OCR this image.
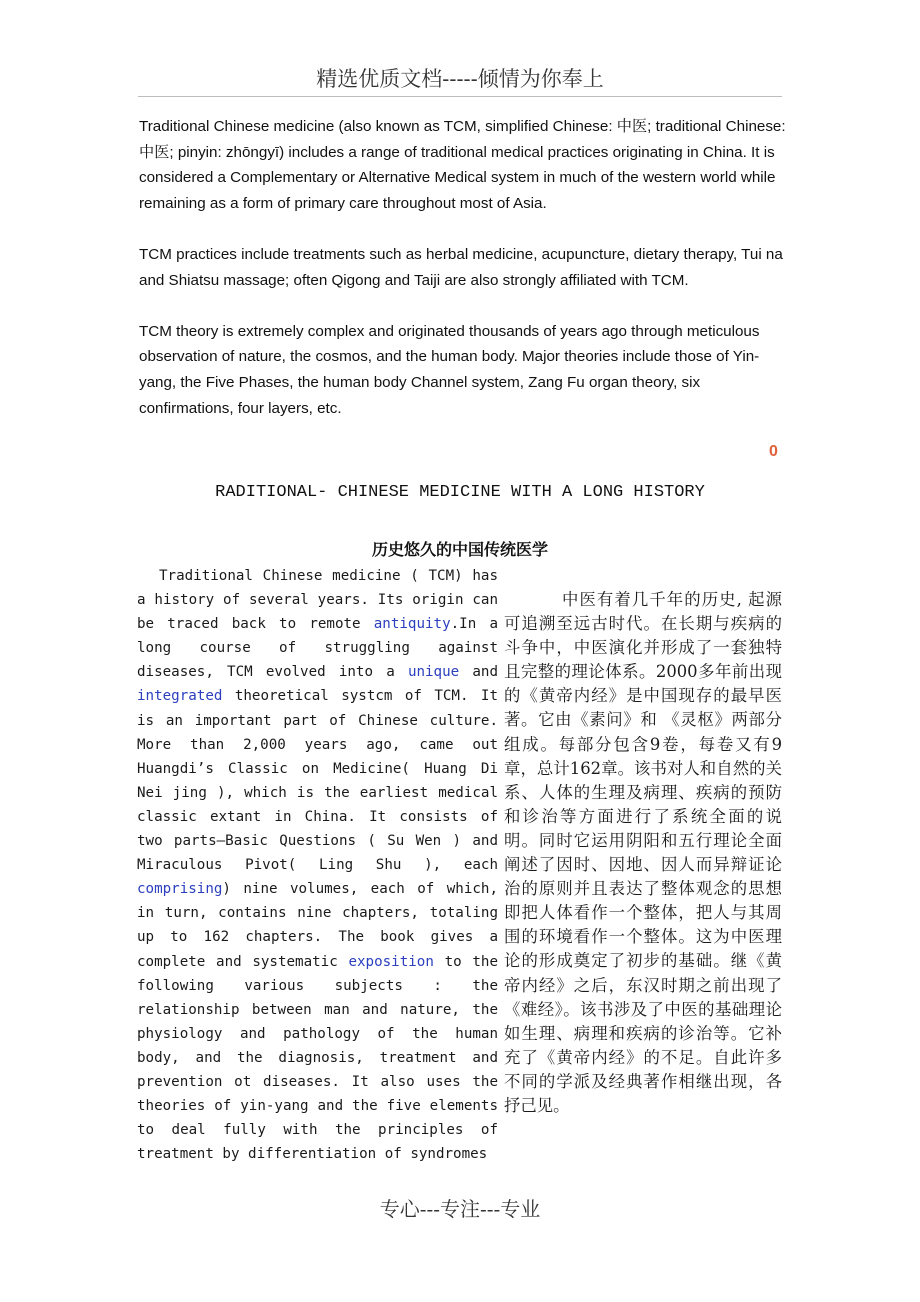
精选优质文档-----倾情为你奉上

Traditional Chinese medicine (also known as TCM, simplified Chinese: 中医; traditional Chinese: 中医; pinyin: zhōngyī) includes a range of traditional medical practices originating in China. It is considered a Complementary or Alternative Medical system in much of the western world while remaining as a form of primary care throughout most of Asia.

TCM practices include treatments such as herbal medicine, acupuncture, dietary therapy, Tui na and Shiatsu massage; often Qigong and Taiji are also strongly affiliated with TCM.

TCM theory is extremely complex and originated thousands of years ago through meticulous observation of nature, the cosmos, and the human body. Major theories include those of Yin-yang, the Five Phases, the human body Channel system, Zang Fu organ theory, six confirmations, four layers, etc.

0
RADITIONAL- CHINESE MEDICINE WITH A LONG HISTORY
历史悠久的中国传统医学
Traditional Chinese medicine ( TCM) has a history of several years. Its origin can be traced back to remote antiquity.In a long course of struggling against diseases, TCM evolved into a unique and integrated theoretical systcm of TCM. It is an important part of Chinese culture. More than 2,000 years ago, came out Huangdi’s Classic on Medicine( Huang Di Nei jing ), which is the earliest medical classic extant in China. It consists of two parts—Basic Questions ( Su Wen ) and Miraculous Pivot( Ling Shu ), each comprising) nine volumes, each of which, in turn, contains nine chapters, totaling up to 162 chapters. The book gives a complete and systematic exposition to the following various subjects : the relationship between man and nature, the physiology and pathology of the human body, and the diagnosis, treatment and prevention ot diseases. It also uses the theories of yin-yang and the five elements to deal fully with the principles of treatment by differentiation of syndromes
中医有着几千年的历史, 起源可追溯至远古时代。在长期与疾病的斗争中，中医演化并形成了一套独特且完整的理论体系。2000多年前出现的《黄帝内经》是中国现存的最早医著。它由《素问》和 《灵枢》两部分组成。每部分包含9卷，每卷又有9章，总计162章。该书对人和自然的关系、人体的生理及病理、疾病的预防和诊治等方面进行了系统全面的说明。同时它运用阴阳和五行理论全面阐述了因时、因地、因人而异辩证论治的原则并且表达了整体观念的思想即把人体看作一个整体，把人与其周围的环境看作一个整体。这为中医理论的形成奠定了初步的基础。继《黄帝内经》之后，东汉时期之前出现了《难经》。该书涉及了中医的基础理论如生理、病理和疾病的诊治等。它补充了《黄帝内经》的不足。自此许多不同的学派及经典著作相继出现，各抒己见。
专心---专注---专业
